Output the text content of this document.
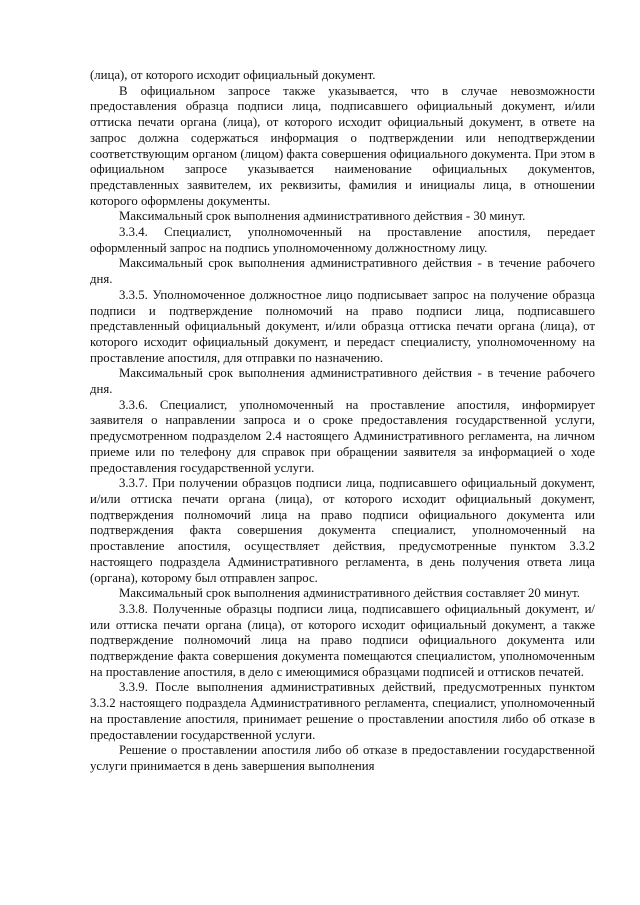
(лица), от которого исходит официальный документ.

В официальном запросе также указывается, что в случае невозможности предоставления образца подписи лица, подписавшего официальный документ, и/или оттиска печати органа (лица), от которого исходит официальный документ, в ответе на запрос должна содержаться информация о подтверждении или неподтверждении соответствующим органом (лицом) факта совершения официального документа. При этом в официальном запросе указывается наименование официальных документов, представленных заявителем, их реквизиты, фамилия и инициалы лица, в отношении которого оформлены документы.

Максимальный срок выполнения административного действия - 30 минут.

3.3.4. Специалист, уполномоченный на проставление апостиля, передает оформленный запрос на подпись уполномоченному должностному лицу.

Максимальный срок выполнения административного действия - в течение рабочего дня.

3.3.5. Уполномоченное должностное лицо подписывает запрос на получение образца подписи и подтверждение полномочий на право подписи лица, подписавшего представленный официальный документ, и/или образца оттиска печати органа (лица), от которого исходит официальный документ, и передаст специалисту, уполномоченному на проставление апостиля, для отправки по назначению.

Максимальный срок выполнения административного действия - в течение рабочего дня.

3.3.6. Специалист, уполномоченный на проставление апостиля, информирует заявителя о направлении запроса и о сроке предоставления государственной услуги, предусмотренном подразделом 2.4 настоящего Административного регламента, на личном приеме или по телефону для справок при обращении заявителя за информацией о ходе предоставления государственной услуги.

3.3.7. При получении образцов подписи лица, подписавшего официальный документ, и/или оттиска печати органа (лица), от которого исходит официальный документ, подтверждения полномочий лица на право подписи официального документа или подтверждения факта совершения документа специалист, уполномоченный на проставление апостиля, осуществляет действия, предусмотренные пунктом 3.3.2 настоящего подраздела Административного регламента, в день получения ответа лица (органа), которому был отправлен запрос.

Максимальный срок выполнения административного действия составляет 20 минут.

3.3.8. Полученные образцы подписи лица, подписавшего официальный документ, и/или оттиска печати органа (лица), от которого исходит официальный документ, а также подтверждение полномочий лица на право подписи официального документа или подтверждение факта совершения документа помещаются специалистом, уполномоченным на проставление апостиля, в дело с имеющимися образцами подписей и оттисков печатей.

3.3.9. После выполнения административных действий, предусмотренных пунктом 3.3.2 настоящего подраздела Административного регламента, специалист, уполномоченный на проставление апостиля, принимает решение о проставлении апостиля либо об отказе в предоставлении государственной услуги.

Решение о проставлении апостиля либо об отказе в предоставлении государственной услуги принимается в день завершения выполнения
